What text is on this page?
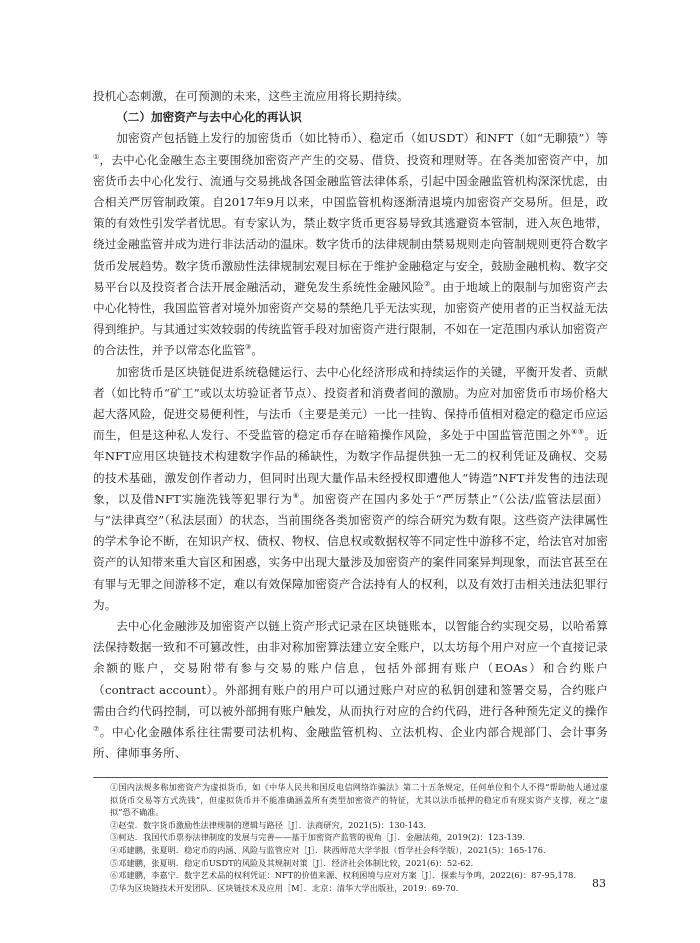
投机心态刺激，在可预测的未来，这些主流应用将长期持续。

（二）加密资产与去中心化的再认识

加密资产包括链上发行的加密货币（如比特币）、稳定币（如USDT）和NFT（如“无聊猿”）等①，去中心化金融生态主要围绕加密资产产生的交易、借贷、投资和理财等。在各类加密资产中，加密货币去中心化发行、流通与交易挑战各国金融监管法律体系，引起中国金融监管机构深深忧虑，由合相关严厉管制政策。自2017年9月以来，中国监管机构逐渐清退境内加密资产交易所。但是，政策的有效性引发学者忧思。有专家认为，禁止数字货币更容易导致其逃避资本管制，进入灰色地带，绕过金融监管并成为进行非法活动的温床。数字货币的法律规制由禁易规则走向管制规则更符合数字货币发展趋势。数字货币激励性法律规制宏观目标在于维护金融稳定与安全，鼓励金融机构、数字交易平台以及投资者合法开展金融活动，避免发生系统性金融风险②。由于地域上的限制与加密资产去中心化特性，我国监管者对境外加密资产交易的禁绝几乎无法实现，加密资产使用者的正当权益无法得到维护。与其通过实效较弱的传统监管手段对加密资产进行限制，不如在一定范围内承认加密资产的合法性，并予以常态化监管③。

加密货币是区块链促进系统稳健运行、去中心化经济形成和持续运作的关键，平衡开发者、贡献者（如比特币“矿工”或以太坊验证者节点）、投资者和消费者间的激励。为应对加密货币市场价格大起大落风险，促进交易便利性，与法币（主要是美元）一比一挂钩、保持币值相对稳定的稳定币应运而生，但是这种私人发行、不受监管的稳定币存在暗箱操作风险，多处于中国监管范围之外④⑤。近年NFT应用区块链技术构建数字作品的稀缺性，为数字作品提供独一无二的权利凭证及确权、交易的技术基础，激发创作者动力，但同时出现大量作品未经授权即遭他人“铸造”NFT并发售的违法现象，以及借NFT实施洗钱等犯罪行为⑥。加密资产在国内多处于“严厉禁止”（公法/监管法层面）与“法律真空”（私法层面）的状态，当前围绕各类加密资产的综合研究为数有限。这些资产法律属性的学术争论不断，在知识产权、债权、物权、信息权或数据权等不同定性中游移不定，给法官对加密资产的认知带来重大盲区和困惑，实务中出现大量涉及加密资产的案件同案异判现象，而法官甚至在有罪与无罪之间游移不定，难以有效保障加密资产合法持有人的权利，以及有效打击相关违法犯罪行为。

去中心化金融涉及加密资产以链上资产形式记录在区块链账本，以智能合约实现交易，以哈希算法保持数据一致和不可篡改性，由非对称加密算法建立安全账户，以太坊每个用户对应一个直接记录余额的账户，交易附带有参与交易的账户信息，包括外部拥有账户（EOAs）和合约账户（contract account）。外部拥有账户的用户可以通过账户对应的私钥创建和签署交易，合约账户需由合约代码控制，可以被外部拥有账户触发，从而执行对应的合约代码，进行各种预先定义的操作⑦。中心化金融体系往往需要司法机构、金融监管机构、立法机构、企业内部合规部门、会计事务所、律师事务所、

①国内法规多称加密资产为虚拟货币，如《中华人民共和国反电信网络诈骗法》第二十五条规定，任何单位和个人不得“帮助他人通过虚拟货币交易等方式洗钱”，但虚拟货币并不能准确涵盖所有类型加密资产的特征，尤其以法币抵押的稳定币有现实资产支撑，视之“虚拟”恐不确准。

②赵莹．数字货币激励性法律规制的逻辑与路径［J］．法商研究，2021(5)：130-143．

③柯达．我国代币票券法律制度的发展与完善——基于加密资产监管的视角［J］．金融法苑，2019(2)：123-139．

④邓建鹏，张夏明．稳定币的内涵、风险与监管应对［J］．陕西师范大学学报（哲学社会科学版），2021(5)：165-176．

⑤邓建鹏，张夏明．稳定币USDT的风险及其规制对策［J］．经济社会体制比较，2021(6)：52-62．

⑥邓建鹏，李嘉宁．数字艺术品的权利凭证：NFT的价值来源、权利困境与应对方案［J］．探索与争鸣，2022(6)：87-95,178．

⑦华为区块链技术开发团队．区块链技术及应用［M］．北京：清华大学出版社，2019：69-70．	83
